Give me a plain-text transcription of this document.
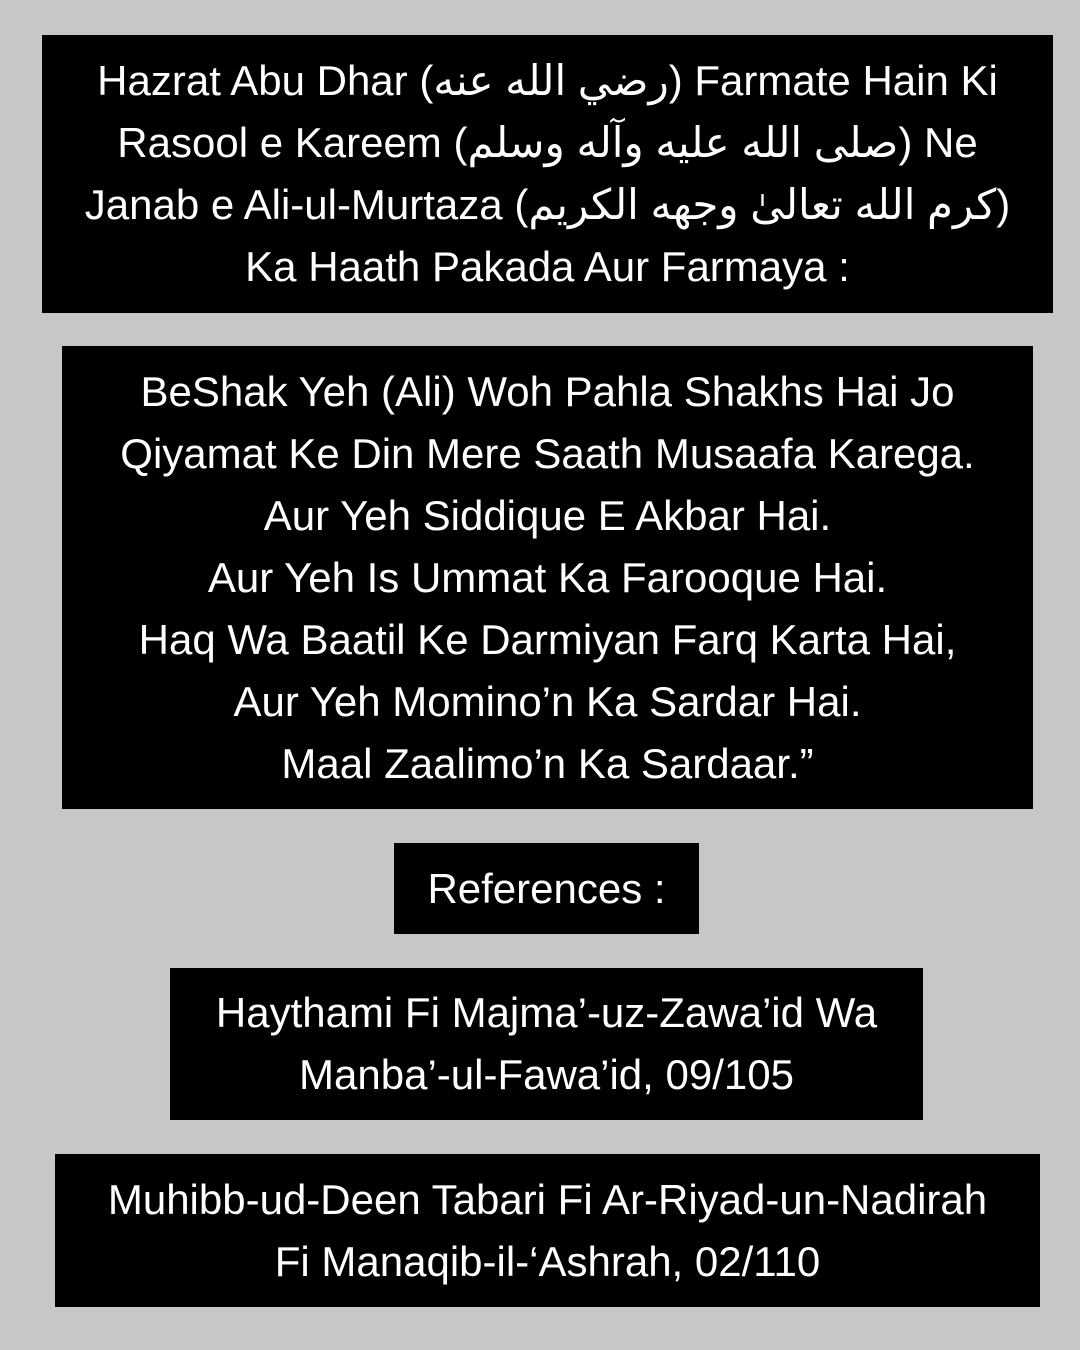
Hazrat Abu Dhar (رضي الله عنه) Farmate Hain Ki
Rasool e Kareem (صلى الله عليه وآله وسلم) Ne
Janab e Ali-ul-Murtaza (كرم الله تعالىٰ وجهه الكريم)
Ka Haath Pakada Aur Farmaya :
BeShak Yeh (Ali) Woh Pahla Shakhs Hai Jo
Qiyamat Ke Din Mere Saath Musaafa Karega.
Aur Yeh Siddique E Akbar Hai.
Aur Yeh Is Ummat Ka Farooque Hai.
Haq Wa Baatil Ke Darmiyan Farq Karta Hai,
Aur Yeh Momino’n Ka Sardar Hai.
Maal Zaalimo’n Ka Sardaar.”
References :
Haythami Fi Majma’-uz-Zawa’id Wa
Manba’-ul-Fawa’id, 09/105
Muhibb-ud-Deen Tabari Fi Ar-Riyad-un-Nadirah
Fi Manaqib-il-‘Ashrah, 02/110
